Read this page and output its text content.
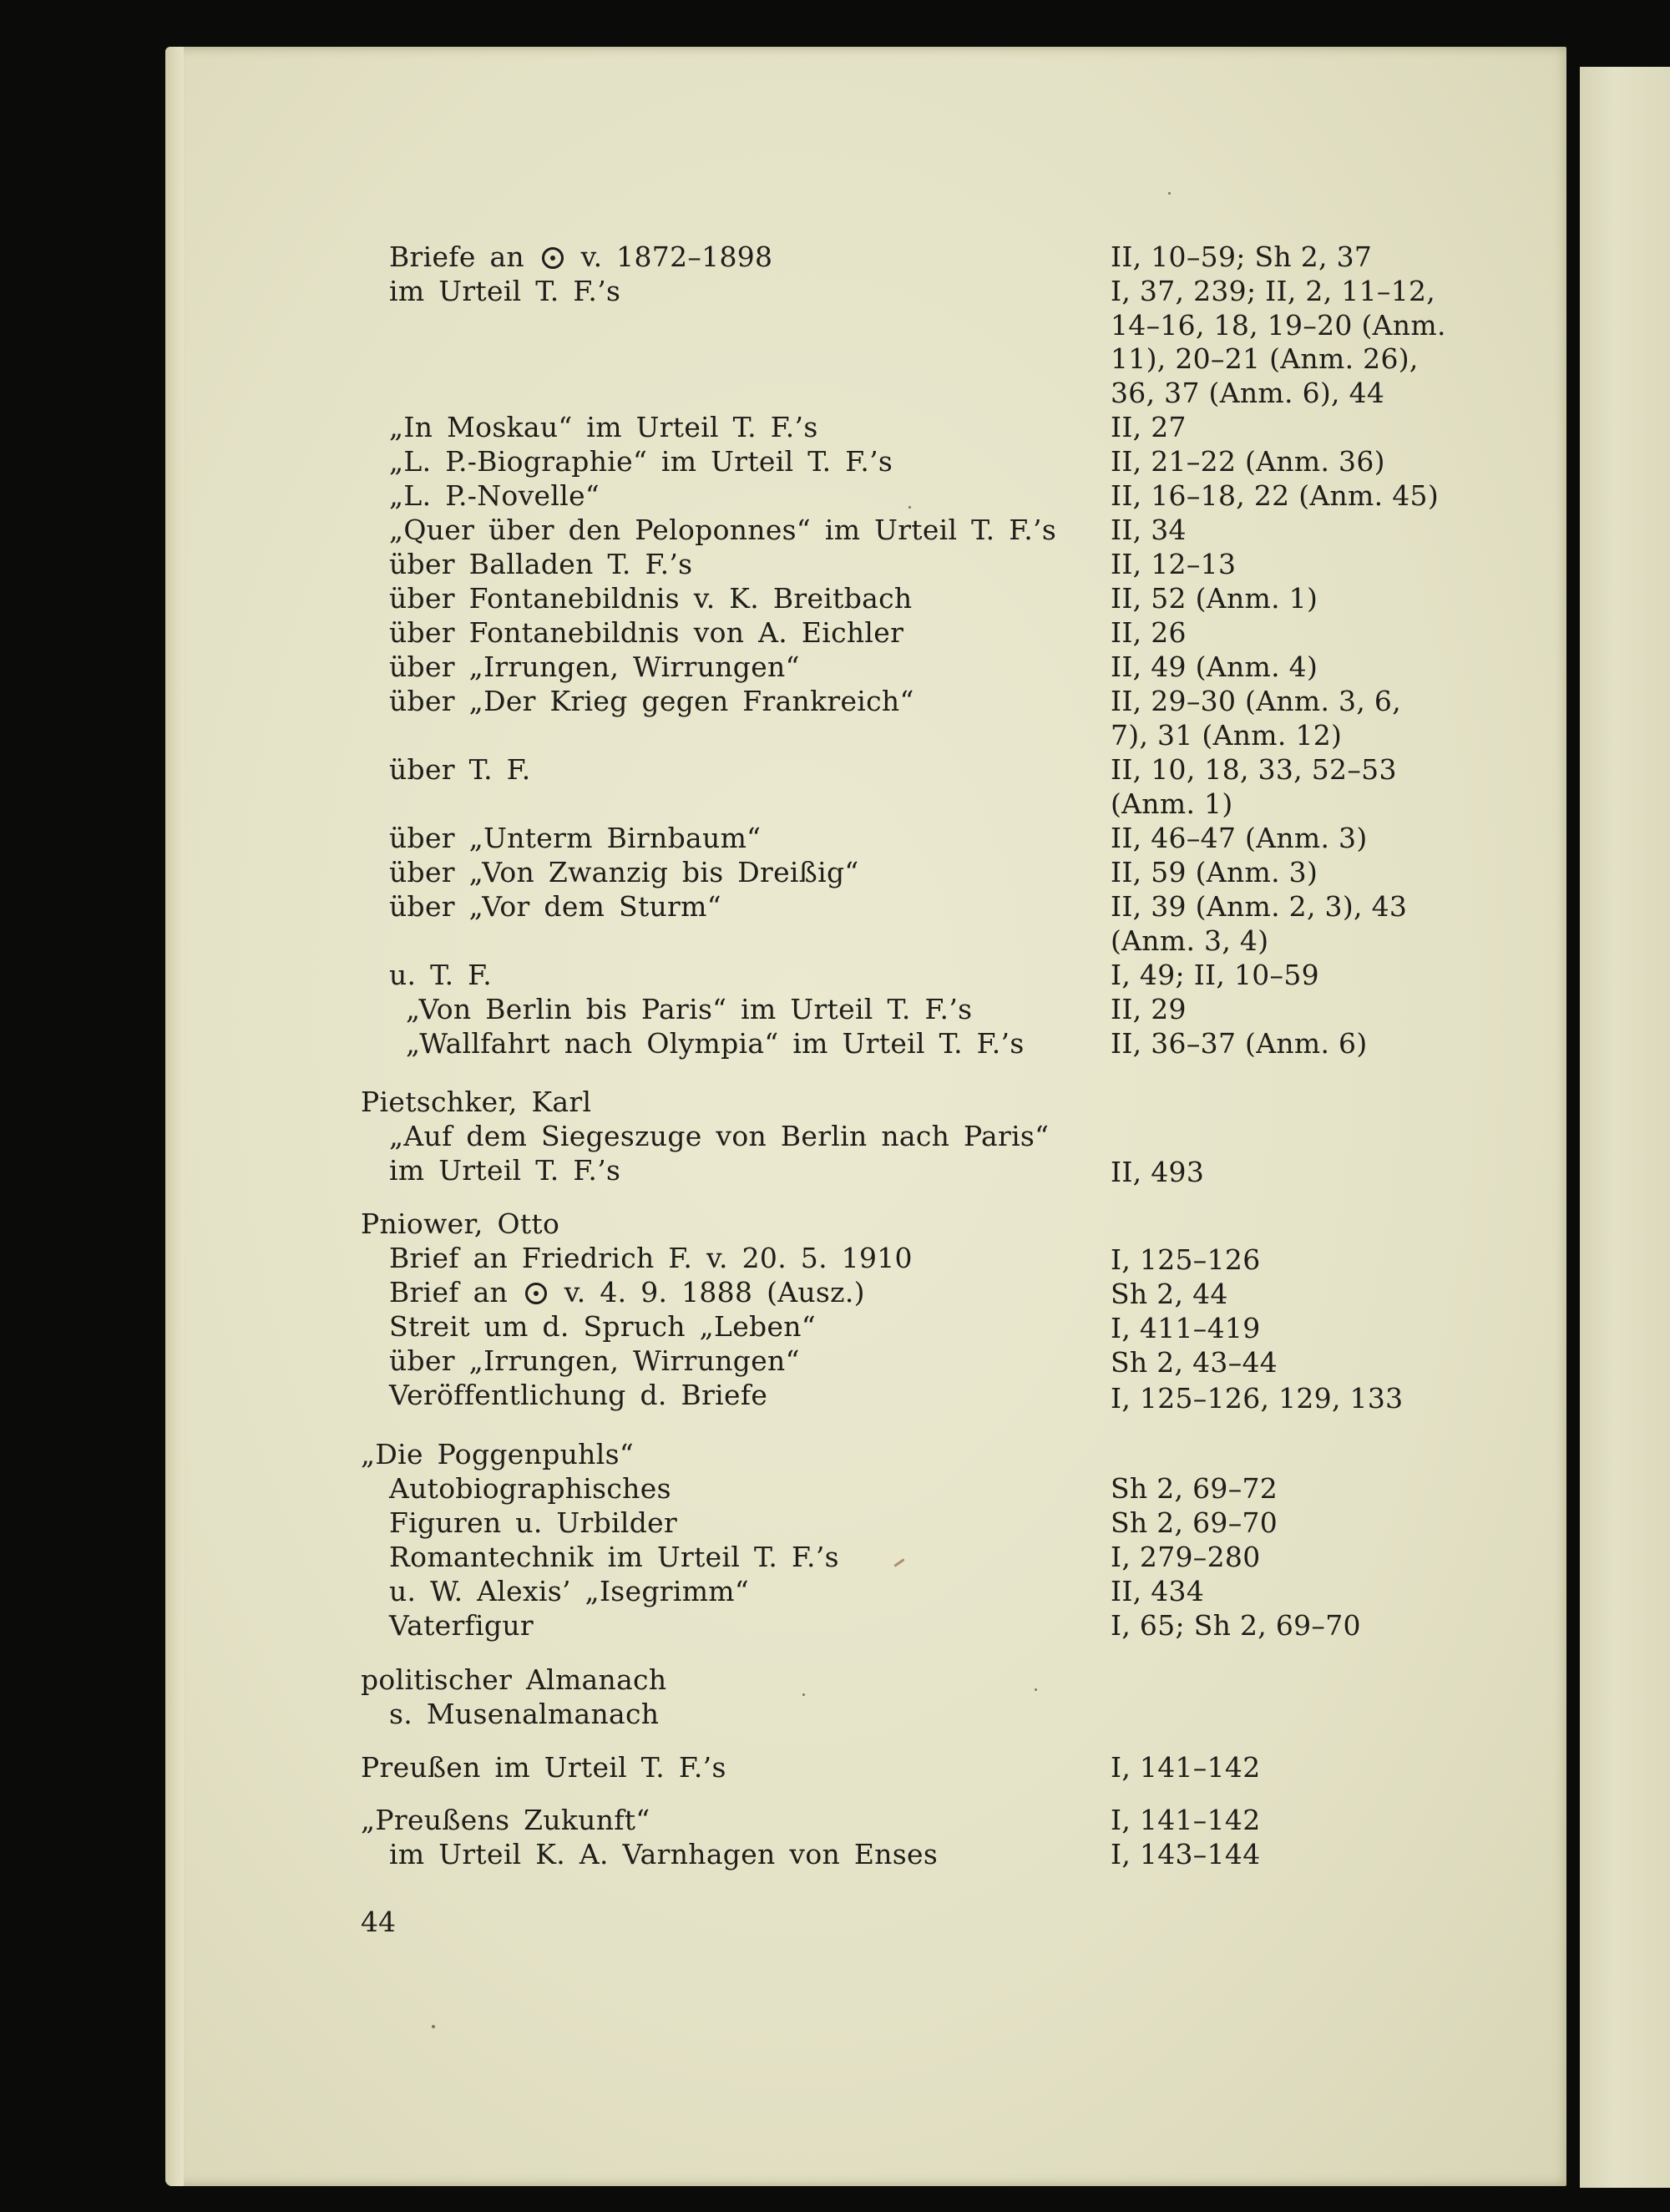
Briefe an v. 1872–1898	II, 10–59; Sh 2, 37
im Urteil T. F.’s	I, 37, 239; II, 2, 11–12,
14–16, 18, 19–20 (Anm.
11), 20–21 (Anm. 26),
36, 37 (Anm. 6), 44
„In Moskau“ im Urteil T. F.’s	II, 27
„L. P.-Biographie“ im Urteil T. F.’s	II, 21–22 (Anm. 36)
„L. P.-Novelle“	II, 16–18, 22 (Anm. 45)
„Quer über den Peloponnes“ im Urteil T. F.’s II, 34
über Balladen T. F.’s	II, 12–13
über Fontanebildnis v. K. Breitbach	II, 52 (Anm. 1)
über Fontanebildnis von A. Eichler	II, 26
über „Irrungen, Wirrungen“	II, 49 (Anm. 4)
über „Der Krieg gegen Frankreich“	II, 29–30 (Anm. 3, 6,
7), 31 (Anm. 12)
über T. F.	II, 10, 18, 33, 52–53
(Anm. 1)
über „Unterm Birnbaum“	II, 46–47 (Anm. 3)
über „Von Zwanzig bis Dreißig“	II, 59 (Anm. 3)
über „Vor dem Sturm“	II, 39 (Anm. 2, 3), 43
(Anm. 3, 4)
u. T. F.	I, 49; II, 10–59
„Von Berlin bis Paris“ im Urteil T. F.’s	II, 29
„Wallfahrt nach Olympia“ im Urteil T. F.’s	II, 36–37 (Anm. 6)
Pietschker, Karl
„Auf dem Siegeszuge von Berlin nach Paris“
im Urteil T. F.’s	II, 493
Pniower, Otto
Brief an Friedrich F. v. 20. 5. 1910	I, 125–126
Brief an v. 4. 9. 1888 (Ausz.)	Sh 2, 44
Streit um d. Spruch „Leben“	I, 411–419
über „Irrungen, Wirrungen“	Sh 2, 43–44
Veröffentlichung d. Briefe	I, 125–126, 129, 133
„Die Poggenpuhls“
Autobiographisches	Sh 2, 69–72
Figuren u. Urbilder	Sh 2, 69–70
Romantechnik im Urteil T. F.’s	I, 279–280
u. W. Alexis’ „Isegrimm“	II, 434
Vaterfigur	I, 65; Sh 2, 69–70
politischer Almanach
s. Musenalmanach
Preußen im Urteil T. F.’s	I, 141–142
„Preußens Zukunft“	I, 141–142
im Urteil K. A. Varnhagen von Enses	I, 143–144
44
